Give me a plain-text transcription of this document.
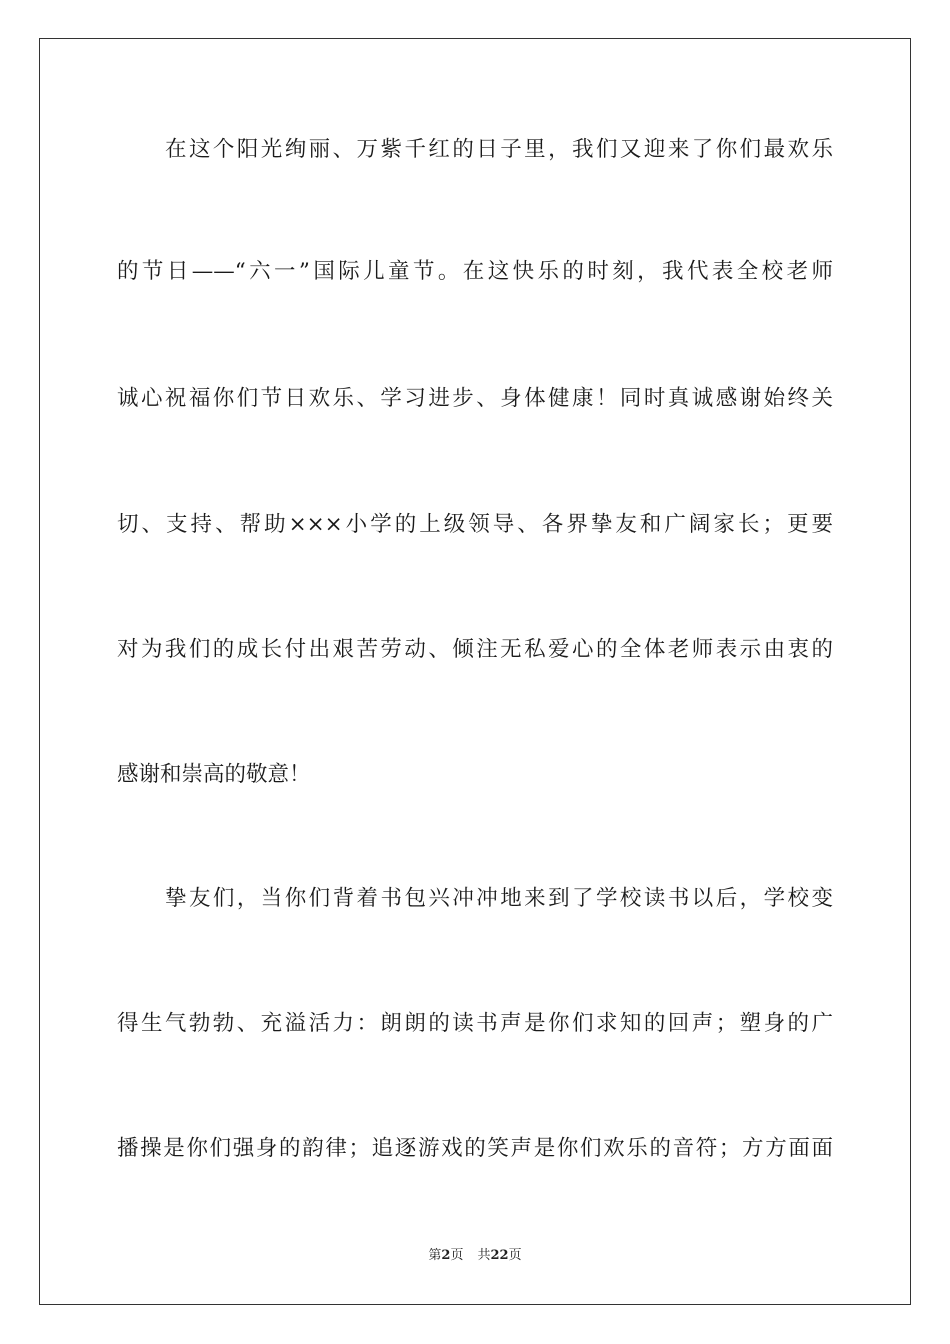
在这个阳光绚丽、万紫千红的日子里，我们又迎来了你们最欢乐
的节日——“六一”国际儿童节。在这快乐的时刻，我代表全校老师
诚心祝福你们节日欢乐、学习进步、身体健康！同时真诚感谢始终关
切、支持、帮助×××小学的上级领导、各界挚友和广阔家长；更要
对为我们的成长付出艰苦劳动、倾注无私爱心的全体老师表示由衷的
感谢和崇高的敬意！
挚友们，当你们背着书包兴冲冲地来到了学校读书以后，学校变
得生气勃勃、充溢活力：朗朗的读书声是你们求知的回声；塑身的广
播操是你们强身的韵律；追逐游戏的笑声是你们欢乐的音符；方方面面
第2页 共22页
